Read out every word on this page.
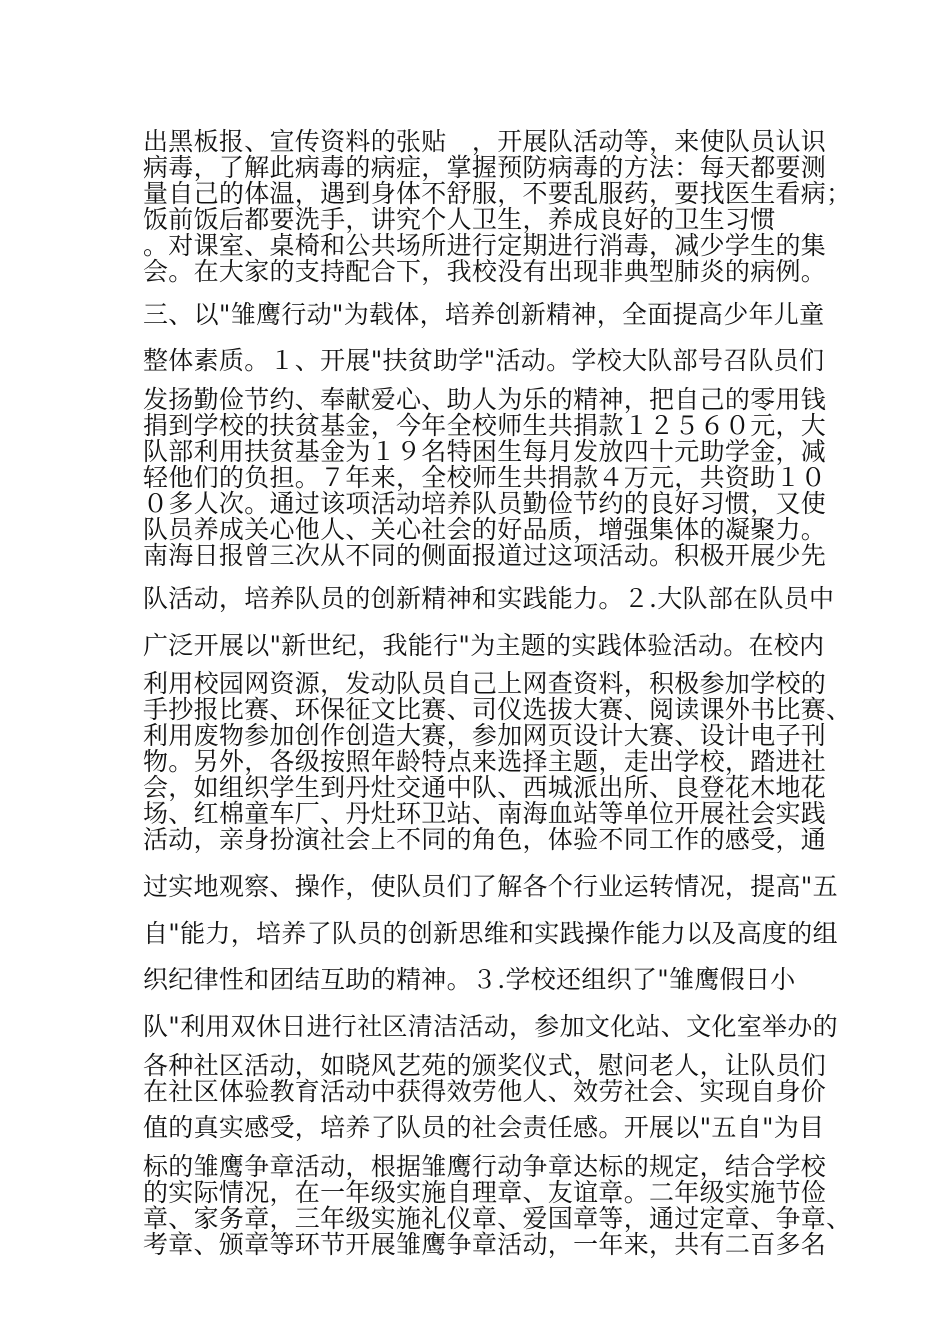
出黑板报、宣传资料的张贴　，开展队活动等，来使队员认识
病毒，了解此病毒的病症，掌握预防病毒的方法：每天都要测
量自己的体温，遇到身体不舒服，不要乱服药，要找医生看病；
饭前饭后都要洗手，讲究个人卫生，养成良好的卫生习惯
。对课室、桌椅和公共场所进行定期进行消毒，减少学生的集
会。在大家的支持配合下，我校没有出现非典型肺炎的病例。
三、以"雏鹰行动"为载体，培养创新精神，全面提高少年儿童
整体素质。１、开展"扶贫助学"活动。学校大队部号召队员们
发扬勤俭节约、奉献爱心、助人为乐的精神，把自己的零用钱
捐到学校的扶贫基金，今年全校师生共捐款１２５６０元，大
队部利用扶贫基金为１９名特困生每月发放四十元助学金，减
轻他们的负担。７年来，全校师生共捐款４万元，共资助１０
０多人次。通过该项活动培养队员勤俭节约的良好习惯，又使
队员养成关心他人、关心社会的好品质，增强集体的凝聚力。
南海日报曾三次从不同的侧面报道过这项活动。积极开展少先
队活动，培养队员的创新精神和实践能力。２.大队部在队员中
广泛开展以"新世纪，我能行"为主题的实践体验活动。在校内
利用校园网资源，发动队员自己上网查资料，积极参加学校的
手抄报比赛、环保征文比赛、司仪选拔大赛、阅读课外书比赛、
利用废物参加创作创造大赛，参加网页设计大赛、设计电子刊
物。另外，各级按照年龄特点来选择主题，走出学校，踏进社
会，如组织学生到丹灶交通中队、西城派出所、良登花木地花
场、红棉童车厂、丹灶环卫站、南海血站等单位开展社会实践
活动，亲身扮演社会上不同的角色，体验不同工作的感受，通
过实地观察、操作，使队员们了解各个行业运转情况，提高"五
自"能力，培养了队员的创新思维和实践操作能力以及高度的组
织纪律性和团结互助的精神。３.学校还组织了"雏鹰假日小
队"利用双休日进行社区清洁活动，参加文化站、文化室举办的
各种社区活动，如晓风艺苑的颁奖仪式，慰问老人，让队员们
在社区体验教育活动中获得效劳他人、效劳社会、实现自身价
值的真实感受，培养了队员的社会责任感。开展以"五自"为目
标的雏鹰争章活动，根据雏鹰行动争章达标的规定，结合学校
的实际情况，在一年级实施自理章、友谊章。二年级实施节俭
章、家务章，三年级实施礼仪章、爱国章等，通过定章、争章、
考章、颁章等环节开展雏鹰争章活动，一年来，共有二百多名
